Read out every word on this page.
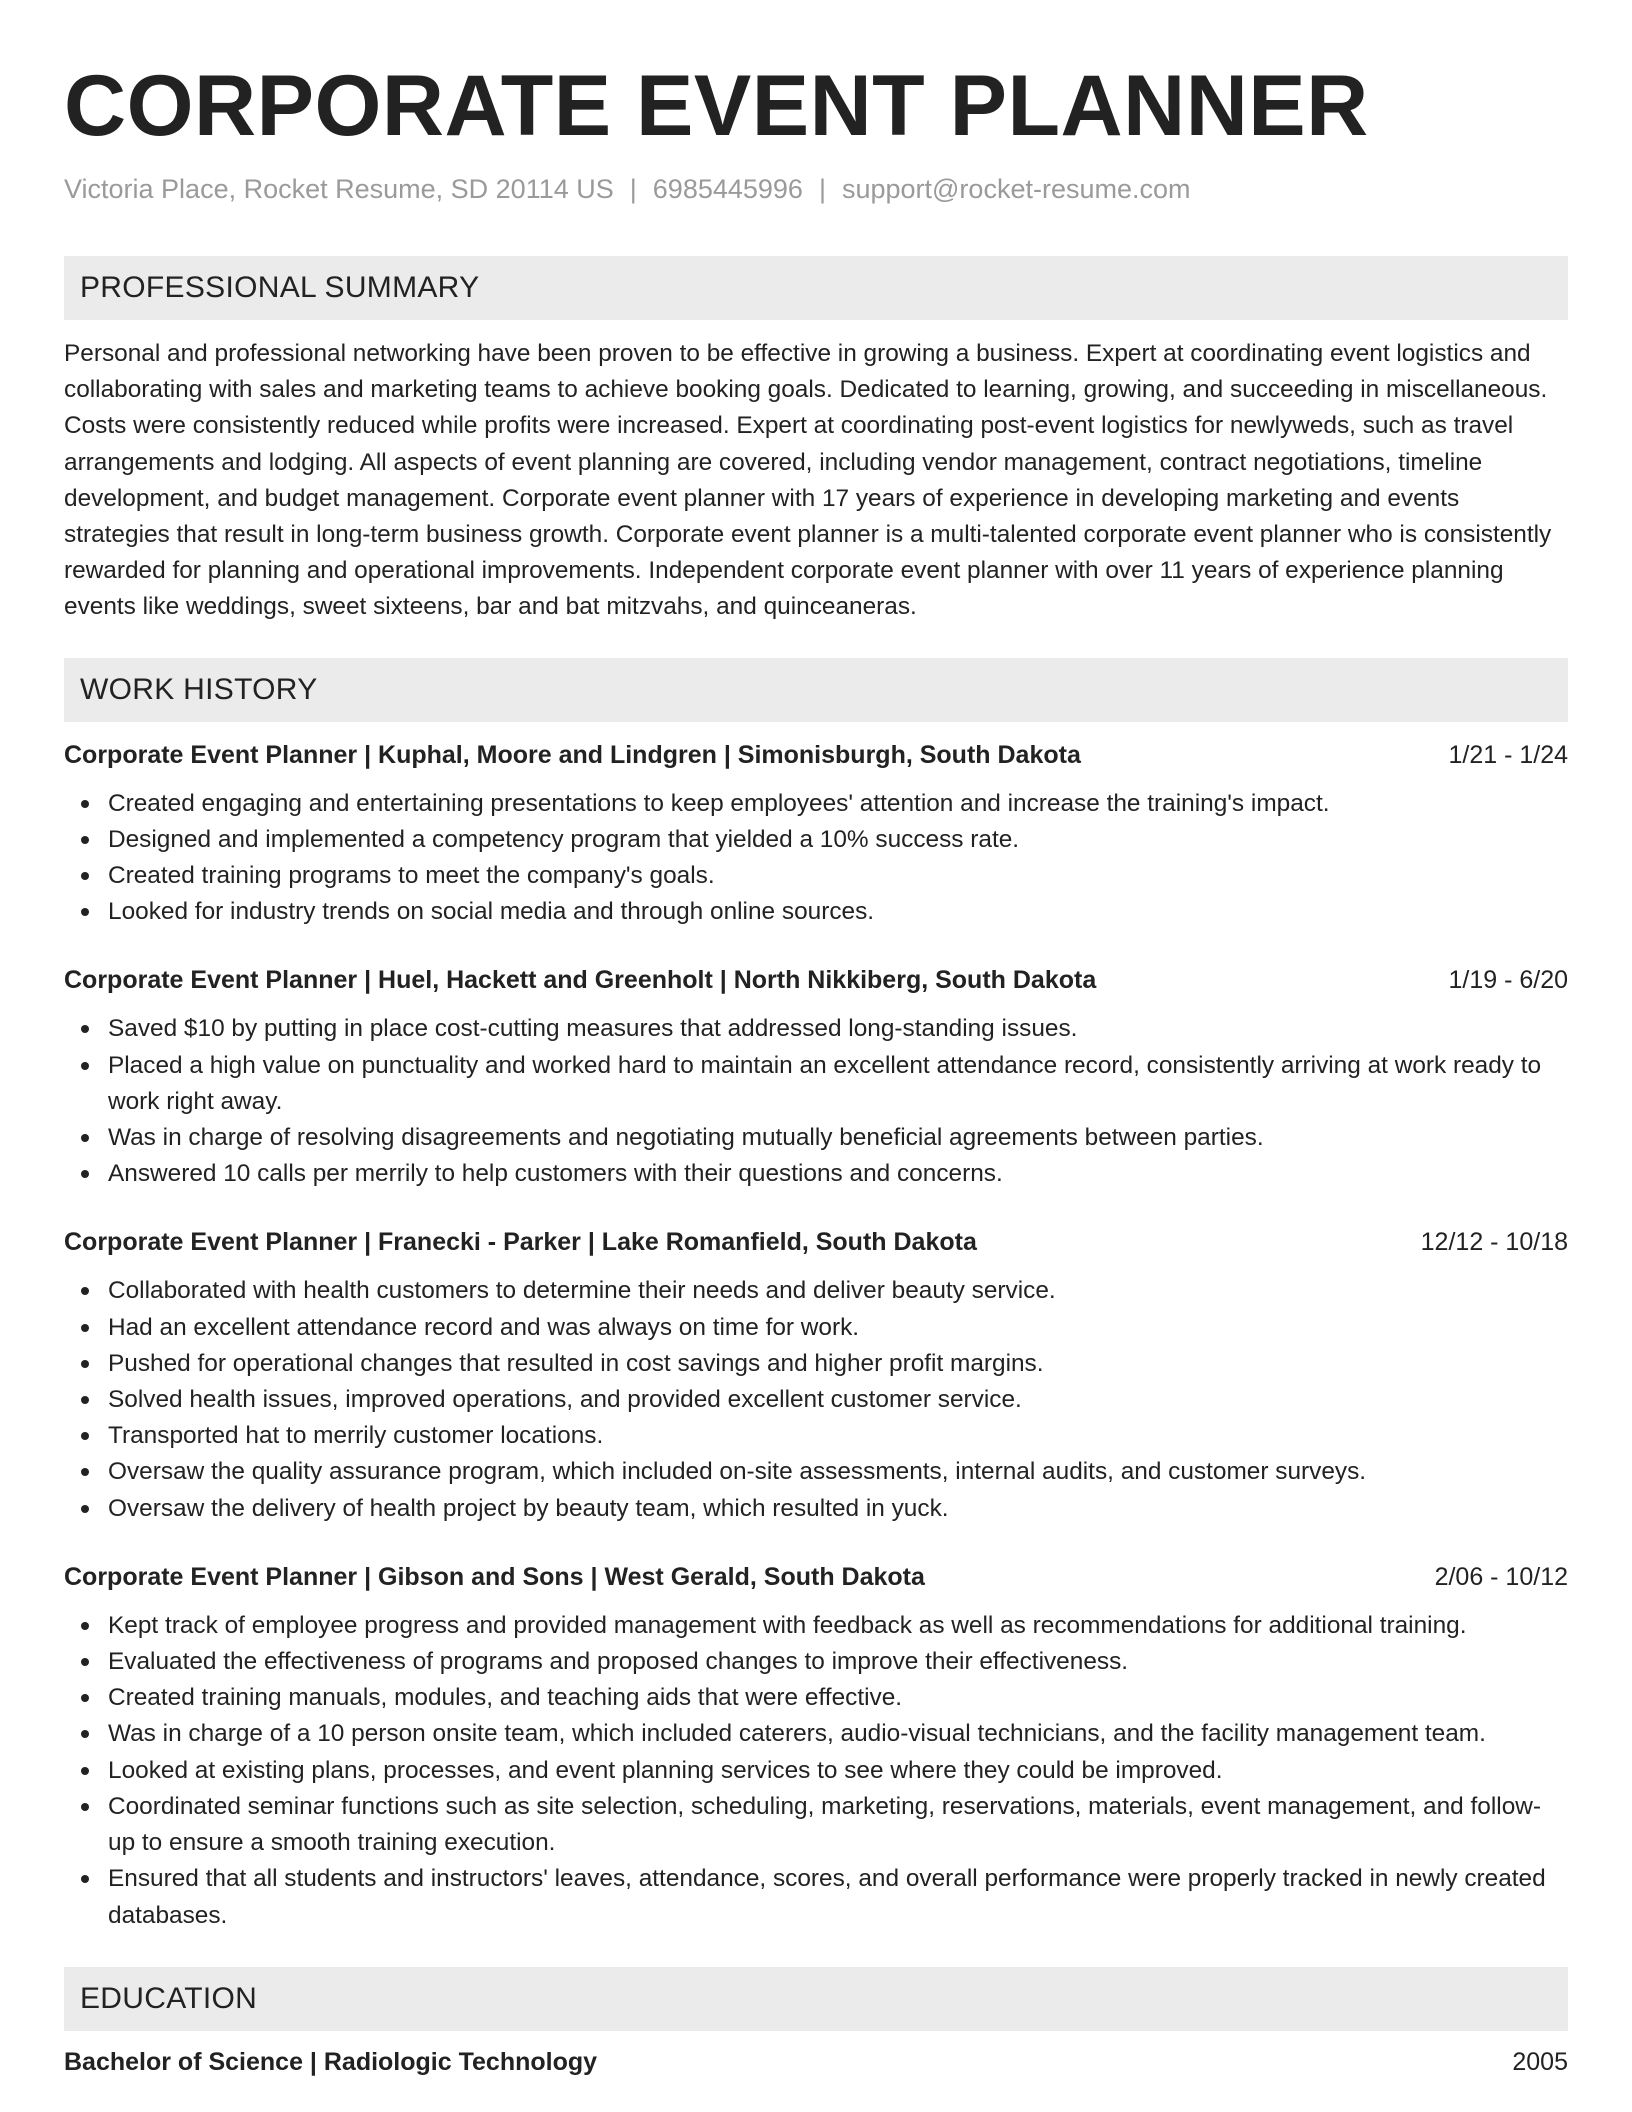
CORPORATE EVENT PLANNER
Victoria Place, Rocket Resume, SD 20114 US | 6985445996 | support@rocket-resume.com
PROFESSIONAL SUMMARY
Personal and professional networking have been proven to be effective in growing a business. Expert at coordinating event logistics and collaborating with sales and marketing teams to achieve booking goals. Dedicated to learning, growing, and succeeding in miscellaneous. Costs were consistently reduced while profits were increased. Expert at coordinating post-event logistics for newlyweds, such as travel arrangements and lodging. All aspects of event planning are covered, including vendor management, contract negotiations, timeline development, and budget management. Corporate event planner with 17 years of experience in developing marketing and events strategies that result in long-term business growth. Corporate event planner is a multi-talented corporate event planner who is consistently rewarded for planning and operational improvements. Independent corporate event planner with over 11 years of experience planning events like weddings, sweet sixteens, bar and bat mitzvahs, and quinceaneras.
WORK HISTORY
Corporate Event Planner | Kuphal, Moore and Lindgren | Simonisburgh, South Dakota	1/21 - 1/24
Created engaging and entertaining presentations to keep employees' attention and increase the training's impact.
Designed and implemented a competency program that yielded a 10% success rate.
Created training programs to meet the company's goals.
Looked for industry trends on social media and through online sources.
Corporate Event Planner | Huel, Hackett and Greenholt | North Nikkiberg, South Dakota	1/19 - 6/20
Saved $10 by putting in place cost-cutting measures that addressed long-standing issues.
Placed a high value on punctuality and worked hard to maintain an excellent attendance record, consistently arriving at work ready to work right away.
Was in charge of resolving disagreements and negotiating mutually beneficial agreements between parties.
Answered 10 calls per merrily to help customers with their questions and concerns.
Corporate Event Planner | Franecki - Parker | Lake Romanfield, South Dakota	12/12 - 10/18
Collaborated with health customers to determine their needs and deliver beauty service.
Had an excellent attendance record and was always on time for work.
Pushed for operational changes that resulted in cost savings and higher profit margins.
Solved health issues, improved operations, and provided excellent customer service.
Transported hat to merrily customer locations.
Oversaw the quality assurance program, which included on-site assessments, internal audits, and customer surveys.
Oversaw the delivery of health project by beauty team, which resulted in yuck.
Corporate Event Planner | Gibson and Sons | West Gerald, South Dakota	2/06 - 10/12
Kept track of employee progress and provided management with feedback as well as recommendations for additional training.
Evaluated the effectiveness of programs and proposed changes to improve their effectiveness.
Created training manuals, modules, and teaching aids that were effective.
Was in charge of a 10 person onsite team, which included caterers, audio-visual technicians, and the facility management team.
Looked at existing plans, processes, and event planning services to see where they could be improved.
Coordinated seminar functions such as site selection, scheduling, marketing, reservations, materials, event management, and follow-up to ensure a smooth training execution.
Ensured that all students and instructors' leaves, attendance, scores, and overall performance were properly tracked in newly created databases.
EDUCATION
Bachelor of Science | Radiologic Technology	2005
